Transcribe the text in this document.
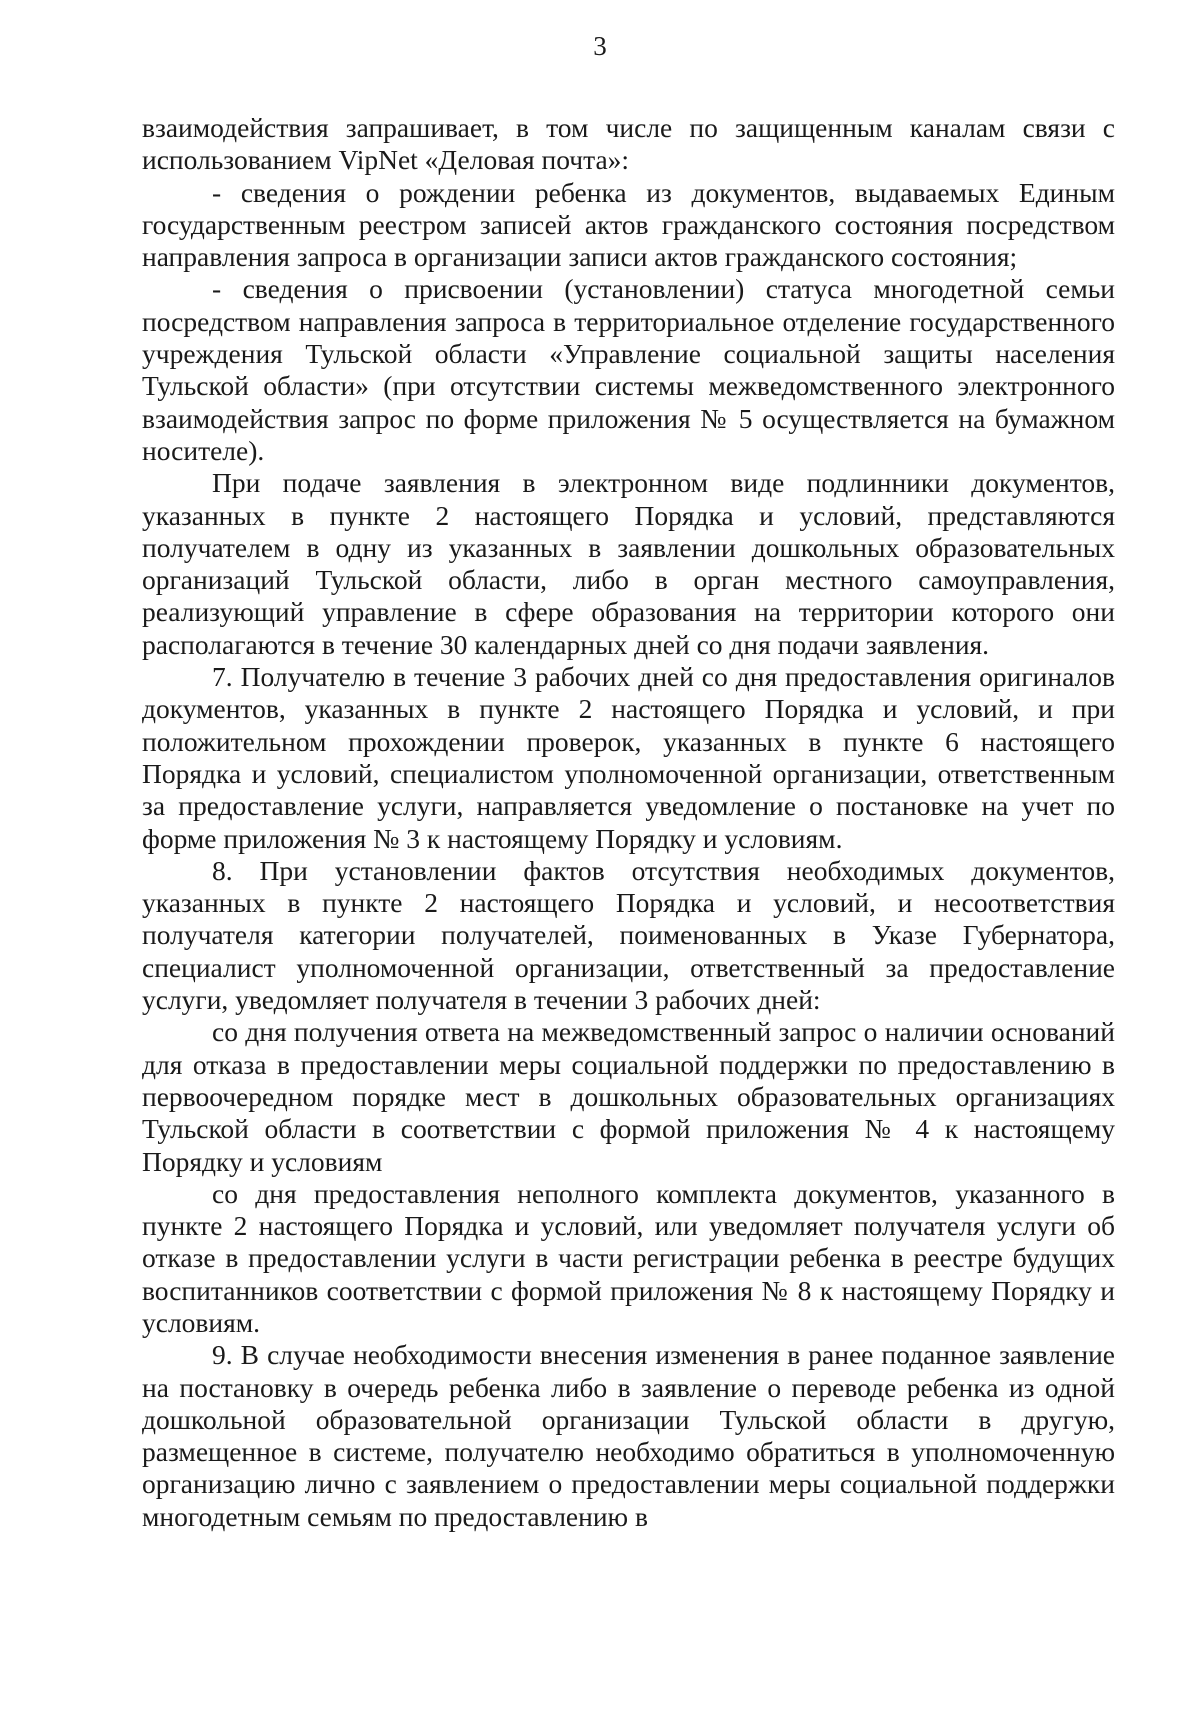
3

взаимодействия запрашивает, в том числе по защищенным каналам связи с использованием VipNet «Деловая почта»:

- сведения о рождении ребенка из документов, выдаваемых Единым государственным реестром записей актов гражданского состояния посредством направления запроса в организации записи актов гражданского состояния;

- сведения о присвоении (установлении) статуса многодетной семьи посредством направления запроса в территориальное отделение государственного учреждения Тульской области «Управление социальной защиты населения Тульской области» (при отсутствии системы межведомственного электронного взаимодействия запрос по форме приложения № 5 осуществляется на бумажном носителе).

При подаче заявления в электронном виде подлинники документов, указанных в пункте 2 настоящего Порядка и условий, представляются получателем в одну из указанных в заявлении дошкольных образовательных организаций Тульской области, либо в орган местного самоуправления, реализующий управление в сфере образования на территории которого они располагаются в течение 30 календарных дней со дня подачи заявления.

7. Получателю в течение 3 рабочих дней со дня предоставления оригиналов документов, указанных в пункте 2 настоящего Порядка и условий, и при положительном прохождении проверок, указанных в пункте 6 настоящего Порядка и условий, специалистом уполномоченной организации, ответственным за предоставление услуги, направляется уведомление о постановке на учет по форме приложения № 3 к настоящему Порядку и условиям.

8. При установлении фактов отсутствия необходимых документов, указанных в пункте 2 настоящего Порядка и условий, и несоответствия получателя категории получателей, поименованных в Указе Губернатора, специалист уполномоченной организации, ответственный за предоставление услуги, уведомляет получателя в течении 3 рабочих дней:

со дня получения ответа на межведомственный запрос о наличии оснований для отказа в предоставлении меры социальной поддержки по предоставлению в первоочередном порядке мест в дошкольных образовательных организациях Тульской области в соответствии с формой приложения № 4 к настоящему Порядку и условиям

со дня предоставления неполного комплекта документов, указанного в пункте 2 настоящего Порядка и условий, или уведомляет получателя услуги об отказе в предоставлении услуги в части регистрации ребенка в реестре будущих воспитанников соответствии с формой приложения № 8 к настоящему Порядку и условиям.

9. В случае необходимости внесения изменения в ранее поданное заявление на постановку в очередь ребенка либо в заявление о переводе ребенка из одной дошкольной образовательной организации Тульской области в другую, размещенное в системе, получателю необходимо обратиться в уполномоченную организацию лично с заявлением о предоставлении меры социальной поддержки многодетным семьям по предоставлению в
